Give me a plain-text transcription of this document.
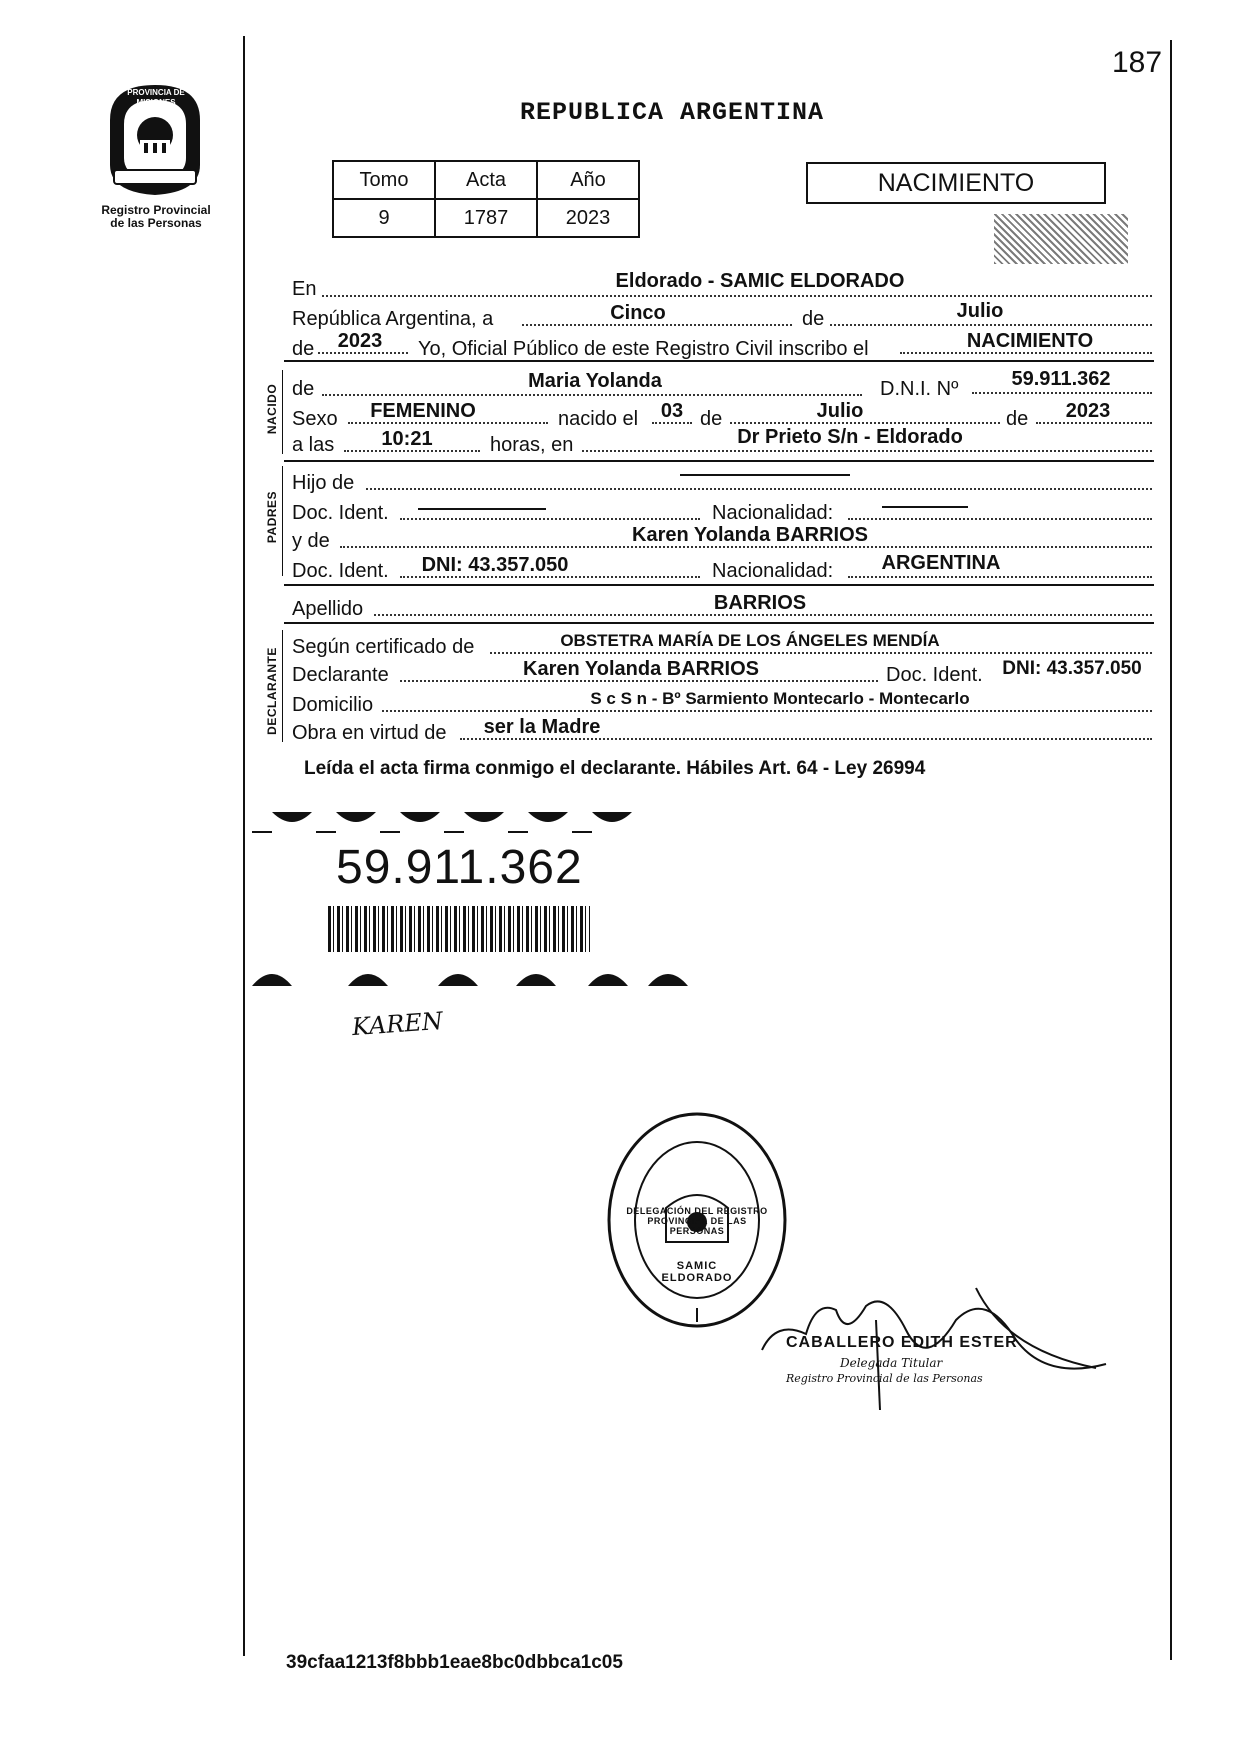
187
PROVINCIA DE MISIONES
Registro Provincial
de las Personas
REPUBLICA ARGENTINA
Tomo	Acta	Año
9	1787	2023
NACIMIENTO
En	Eldorado - SAMIC ELDORADO
República Argentina, a	Cinco	de	Julio
de	2023	Yo, Oficial Público de este Registro Civil inscribo el	NACIMIENTO
NACIDO de	Maria Yolanda	D.N.I. Nº	59.911.362
Sexo	FEMENINO	nacido el	03 de	Julio	de	2023
a las	10:21	horas, en	Dr Prieto S/n - Eldorado
PADRES
Hijo de
Doc. Ident.	Nacionalidad:
y de	Karen Yolanda BARRIOS
Doc. Ident.	DNI: 43.357.050	Nacionalidad:	ARGENTINA
Apellido	BARRIOS
DECLARANTE
Según certificado de	OBSTETRA MARÍA DE LOS ÁNGELES MENDÍA
Declarante	Karen Yolanda BARRIOS	Doc. Ident.	DNI: 43.357.050
Domicilio	S c S n - Bº Sarmiento Montecarlo - Montecarlo
Obra en virtud de	ser la Madre
Leída el acta firma conmigo el declarante. Hábiles Art. 64 - Ley 26994
59.911.362
KAREN
DELEGACIÓN DEL REGISTRO PROVINCIAL DE LAS PERSONAS
SAMIC ELDORADO
CABALLERO EDITH ESTER
Delegada Titular
Registro Provincial de las Personas
39cfaa1213f8bbb1eae8bc0dbbca1c05
